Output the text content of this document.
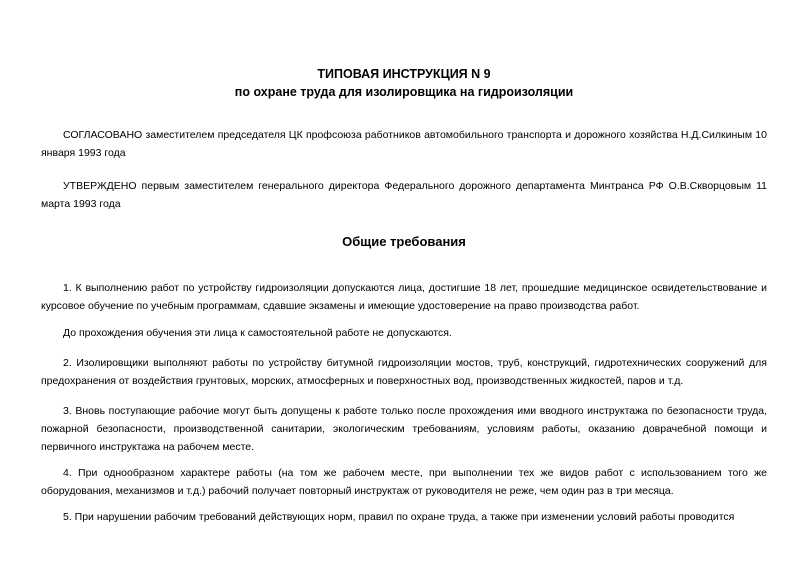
ТИПОВАЯ ИНСТРУКЦИЯ N 9
по охране труда для изолировщика на гидроизоляции

СОГЛАСОВАНО заместителем председателя ЦК профсоюза работников автомобильного транспорта и дорожного хозяйства Н.Д.Силкиным 10 января 1993 года

УТВЕРЖДЕНО первым заместителем генерального директора Федерального дорожного департамента Минтранса РФ О.В.Скворцовым 11 марта 1993 года

Общие требования

1. К выполнению работ по устройству гидроизоляции допускаются лица, достигшие 18 лет, прошедшие медицинское освидетельствование и курсовое обучение по учебным программам, сдавшие экзамены и имеющие удостоверение на право производства работ.

До прохождения обучения эти лица к самостоятельной работе не допускаются.

2. Изолировщики выполняют работы по устройству битумной гидроизоляции мостов, труб, конструкций, гидротехнических сооружений для предохранения от воздействия грунтовых, морских, атмосферных и поверхностных вод, производственных жидкостей, паров и т.д.

3. Вновь поступающие рабочие могут быть допущены к работе только после прохождения ими вводного инструктажа по безопасности труда, пожарной безопасности, производственной санитарии, экологическим требованиям, условиям работы, оказанию доврачебной помощи и первичного инструктажа на рабочем месте.

4. При однообразном характере работы (на том же рабочем месте, при выполнении тех же видов работ с использованием того же оборудования, механизмов и т.д.) рабочий получает повторный инструктаж от руководителя не реже, чем один раз в три месяца.

5. При нарушении рабочим требований действующих норм, правил по охране труда, а также при изменении условий работы проводится
